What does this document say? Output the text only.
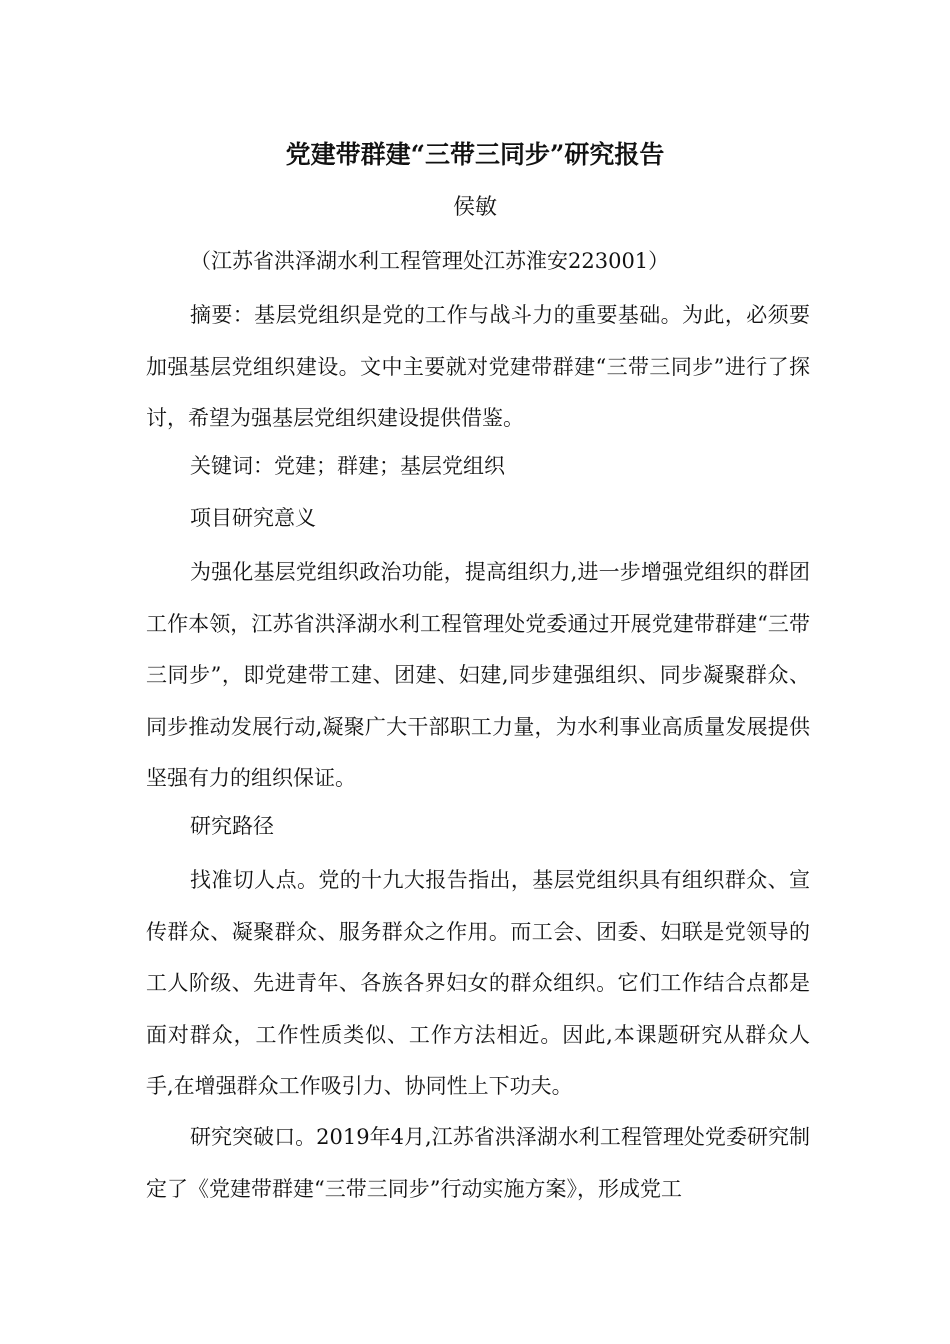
党建带群建“三带三同步”研究报告
侯敏
（江苏省洪泽湖水利工程管理处江苏淮安223001）

摘要：基层党组织是党的工作与战斗力的重要基础。为此，必须要加强基层党组织建设。文中主要就对党建带群建“三带三同步”进行了探讨，希望为强基层党组织建设提供借鉴。

关键词：党建；群建；基层党组织

项目研究意义

为强化基层党组织政治功能，提高组织力,进一步增强党组织的群团工作本领，江苏省洪泽湖水利工程管理处党委通过开展党建带群建“三带三同步”，即党建带工建、团建、妇建,同步建强组织、同步凝聚群众、同步推动发展行动,凝聚广大干部职工力量，为水利事业高质量发展提供坚强有力的组织保证。

研究路径

找准切人点。党的十九大报告指出，基层党组织具有组织群众、宣传群众、凝聚群众、服务群众之作用。而工会、团委、妇联是党领导的工人阶级、先进青年、各族各界妇女的群众组织。它们工作结合点都是面对群众，工作性质类似、工作方法相近。因此,本课题研究从群众人手,在增强群众工作吸引力、协同性上下功夫。

研究突破口。2019年4月,江苏省洪泽湖水利工程管理处党委研究制定了《党建带群建“三带三同步”行动实施方案》，形成党工
